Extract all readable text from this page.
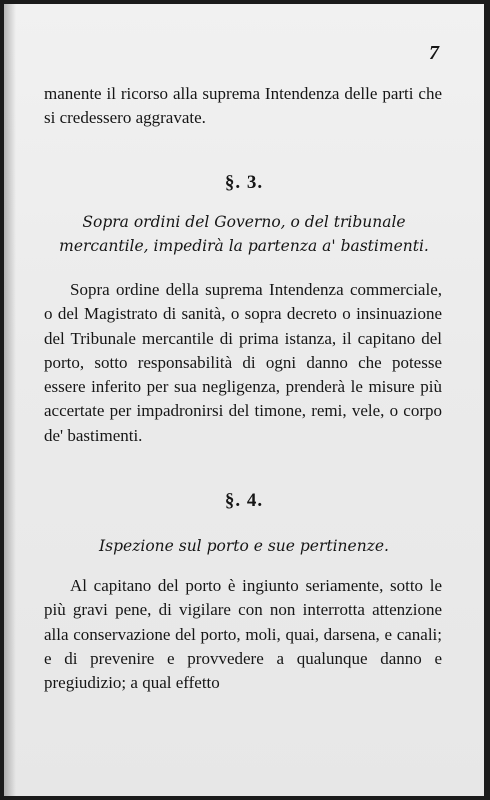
7

manente il ricorso alla suprema Intendenza delle parti che si credessero aggravate.

§. 3.

Sopra ordini del Governo, o del tribunale mercantile, impedirà la partenza a' bastimenti.

Sopra ordine della suprema Intendenza commerciale, o del Magistrato di sanità, o sopra decreto o insinuazione del Tribunale mercantile di prima istanza, il capitano del porto, sotto responsabilità di ogni danno che potesse essere inferito per sua negligenza, prenderà le misure più accertate per impadronirsi del timone, remi, vele, o corpo de' bastimenti.

§. 4.

Ispezione sul porto e sue pertinenze.

Al capitano del porto è ingiunto seriamente, sotto le più gravi pene, di vigilare con non interrotta attenzione alla conservazione del porto, moli, quai, darsena, e canali; e di prevenire e provvedere a qualunque danno e pregiudizio; a qual effetto
